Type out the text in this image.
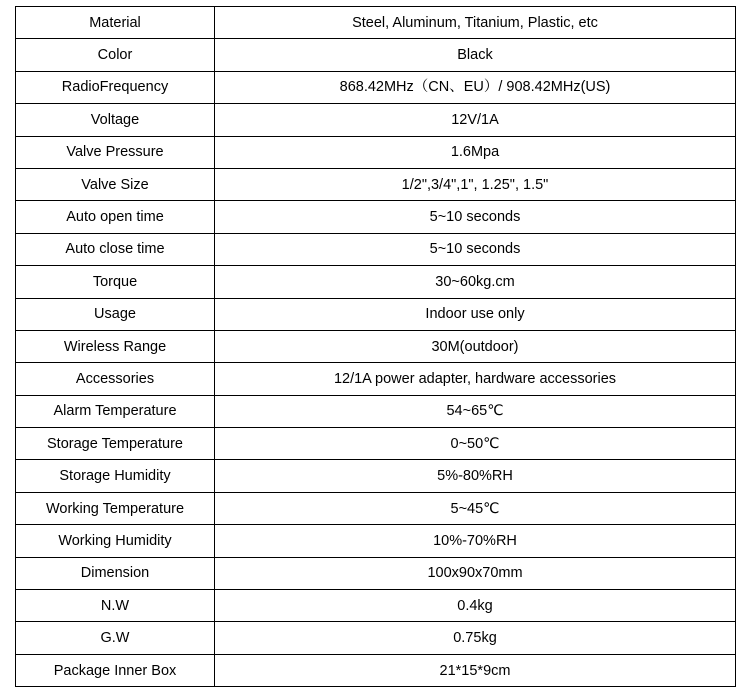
Material	Steel, Aluminum, Titanium, Plastic, etc
Color	Black
RadioFrequency	868.42MHz（CN、EU）/ 908.42MHz(US)
Voltage	12V/1A
Valve Pressure	1.6Mpa
Valve Size	1/2",3/4",1", 1.25", 1.5"
Auto open time	5~10 seconds
Auto close time	5~10 seconds
Torque	30~60kg.cm
Usage	Indoor use only
Wireless Range	30M(outdoor)
Accessories	12/1A power adapter, hardware accessories
Alarm Temperature	54~65℃
Storage Temperature	0~50℃
Storage Humidity	5%-80%RH
Working Temperature	5~45℃
Working Humidity	10%-70%RH
Dimension	100x90x70mm
N.W	0.4kg
G.W	0.75kg
Package Inner Box	21*15*9cm
